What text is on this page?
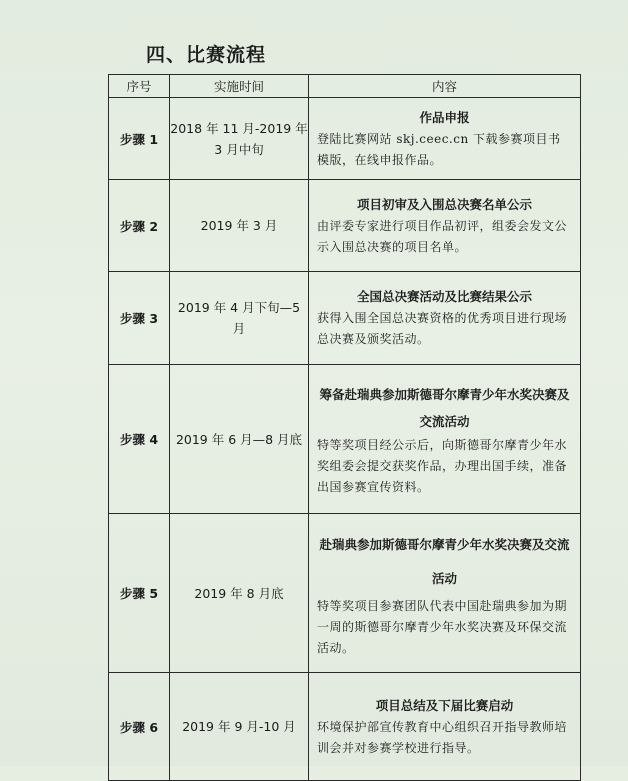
四、比赛流程
序号	实施时间	内容
步骤 1	2018 年 11 月-2019 年 3 月中旬	作品申报
登陆比赛网站 skj.ceec.cn 下载参赛项目书模版，在线申报作品。

步骤 2	2019 年 3 月	项目初审及入围总决赛名单公示
由评委专家进行项目作品初评，组委会发文公示入围总决赛的项目名单。

步骤 3	2019 年 4 月下旬—5 月	全国总决赛活动及比赛结果公示
获得入围全国总决赛资格的优秀项目进行现场总决赛及颁奖活动。

步骤 4	2019 年 6 月—8 月底	筹备赴瑞典参加斯德哥尔摩青少年水奖决赛及交流活动
特等奖项目经公示后，向斯德哥尔摩青少年水奖组委会提交获奖作品，办理出国手续，准备出国参赛宣传资料。

步骤 5	2019 年 8 月底	赴瑞典参加斯德哥尔摩青少年水奖决赛及交流活动
特等奖项目参赛团队代表中国赴瑞典参加为期一周的斯德哥尔摩青少年水奖决赛及环保交流活动。

步骤 6	2019 年 9 月-10 月	项目总结及下届比赛启动
环境保护部宣传教育中心组织召开指导教师培训会并对参赛学校进行指导。
